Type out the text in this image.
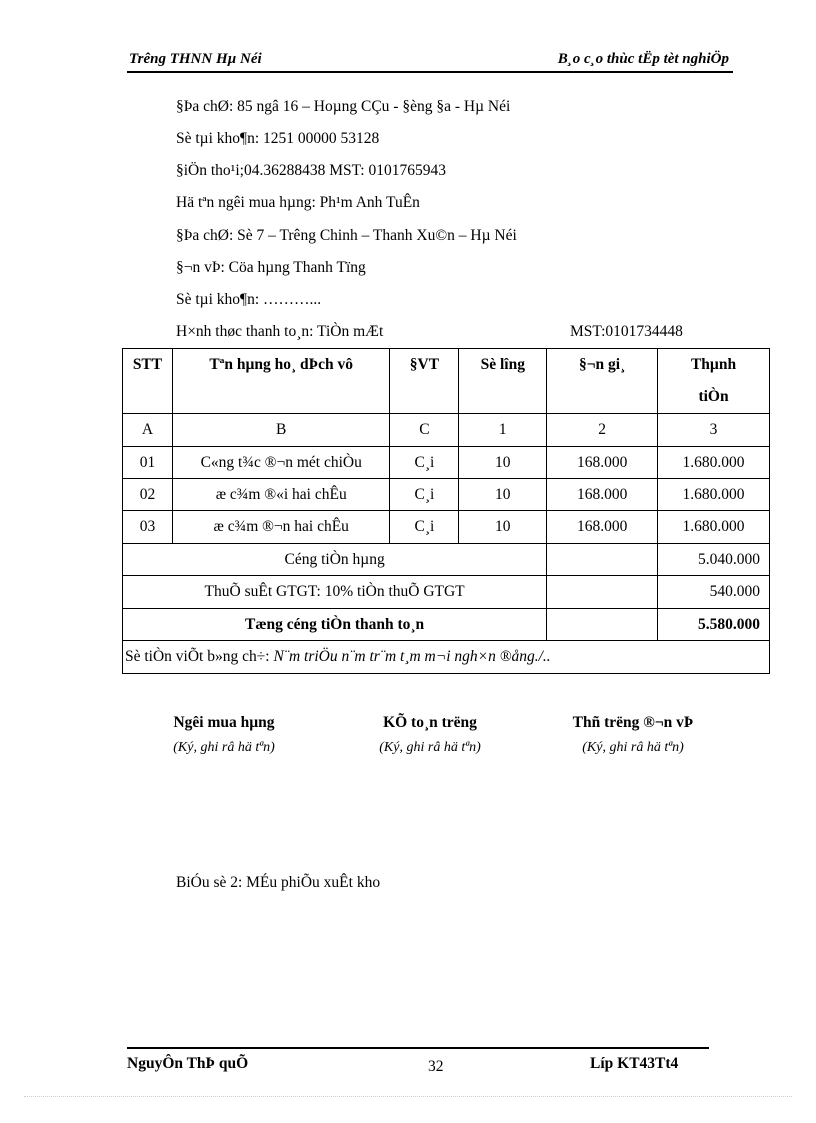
Trêng THNN Hµ Néi	B¸o c¸o thùc tËp tèt nghiÖp
§Þa chØ: 85 ngâ 16 – Hoµng CÇu - §èng §a - Hµ Néi
Sè tµi kho¶n: 1251 00000 53128
§iÖn tho¹i;04.36288438 MST: 0101765943
Hä tªn ngêi mua hµng: Ph¹m Anh TuÊn
§Þa chØ: Sè 7 – Trêng Chinh – Thanh Xu©n – Hµ Néi
§¬n vÞ: Cöa hµng Thanh Tïng
Sè tµi kho¶n: ………...
H×nh thøc thanh to¸n: TiÒn mÆt	MST:0101734448
STT	Tªn hµng ho¸ dÞch vô	§VT	Sè lîng	§¬n gi¸	Thµnh
tiÒn
A	B	C	1	2	3
01	C«ng t¾c ®¬n mét chiÒu	C¸i	10	168.000	1.680.000
02	æ c¾m ®«i hai chÊu	C¸i	10	168.000	1.680.000
03	æ c¾m ®¬n hai chÊu	C¸i	10	168.000	1.680.000
Céng tiÒn hµng					5.040.000
ThuÕ suÊt GTGT: 10% tiÒn thuÕ GTGT					540.000
Tæng céng tiÒn thanh to¸n					5.580.000
Sè tiÒn viÕt b»ng ch÷: N¨m triÖu n¨m tr¨m t¸m m¬i ngh×n ®ång./..					
Ngêi mua hµng
(Ký, ghi râ hä tªn)
KÕ to¸n trëng
(Ký, ghi râ hä tªn)
Thñ trëng ®¬n vÞ
(Ký, ghi râ hä tªn)
BiÓu sè 2: MÉu phiÕu xuÊt kho
NguyÔn ThÞ quÕ	32	Líp KT43Tt4
